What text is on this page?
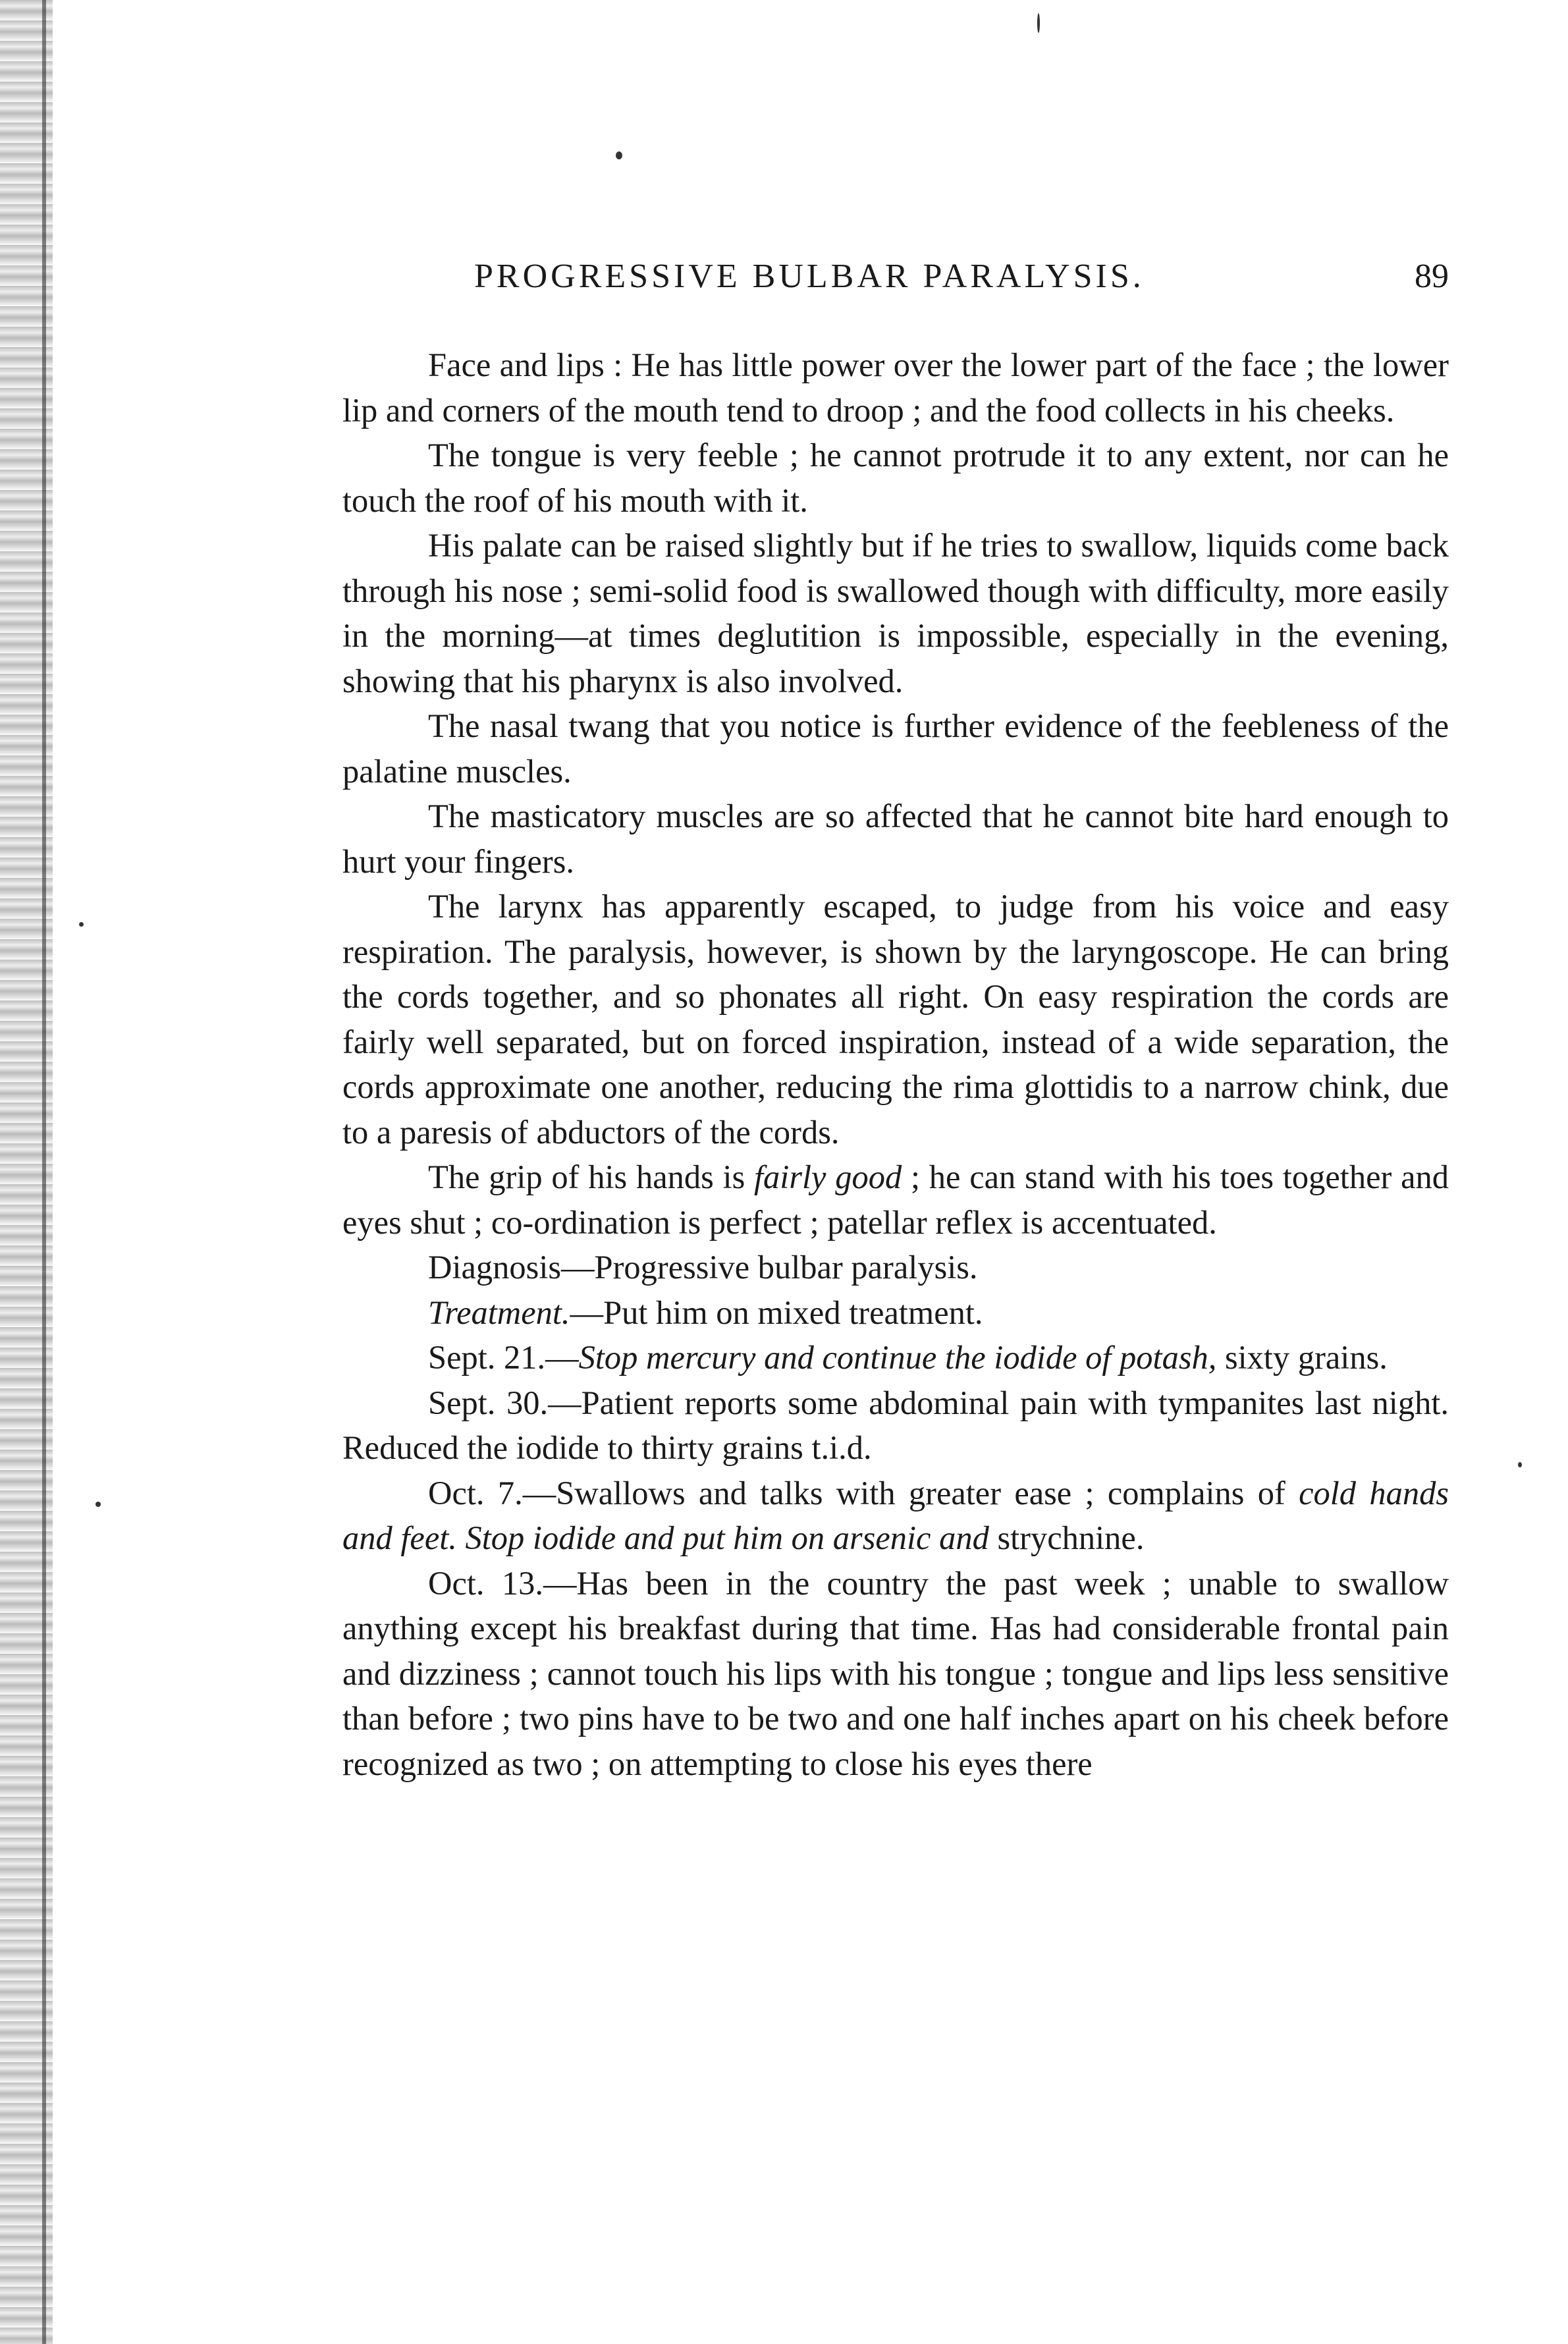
PROGRESSIVE BULBAR PARALYSIS.	89

Face and lips : He has little power over the lower part of the face ; the lower lip and corners of the mouth tend to droop ; and the food collects in his cheeks.

The tongue is very feeble ; he cannot protrude it to any extent, nor can he touch the roof of his mouth with it.

His palate can be raised slightly but if he tries to swallow, liquids come back through his nose ; semi-solid food is swallowed though with difficulty, more easily in the morning—at times deglutition is impossible, especially in the evening, showing that his pharynx is also involved.

The nasal twang that you notice is further evidence of the feebleness of the palatine muscles.

The masticatory muscles are so affected that he cannot bite hard enough to hurt your fingers.

The larynx has apparently escaped, to judge from his voice and easy respiration. The paralysis, however, is shown by the laryngoscope. He can bring the cords together, and so phonates all right. On easy respiration the cords are fairly well separated, but on forced inspiration, instead of a wide separation, the cords approximate one another, reducing the rima glottidis to a narrow chink, due to a paresis of abductors of the cords.

The grip of his hands is fairly good ; he can stand with his toes together and eyes shut ; co-ordination is perfect ; patellar reflex is accentuated.

Diagnosis—Progressive bulbar paralysis.

Treatment.—Put him on mixed treatment.

Sept. 21.—Stop mercury and continue the iodide of potash, sixty grains.

Sept. 30.—Patient reports some abdominal pain with tympanites last night. Reduced the iodide to thirty grains t.i.d.

Oct. 7.—Swallows and talks with greater ease ; complains of cold hands and feet. Stop iodide and put him on arsenic and strychnine.

Oct. 13.—Has been in the country the past week ; unable to swallow anything except his breakfast during that time. Has had considerable frontal pain and dizziness ; cannot touch his lips with his tongue ; tongue and lips less sensitive than before ; two pins have to be two and one half inches apart on his cheek before recognized as two ; on attempting to close his eyes there
